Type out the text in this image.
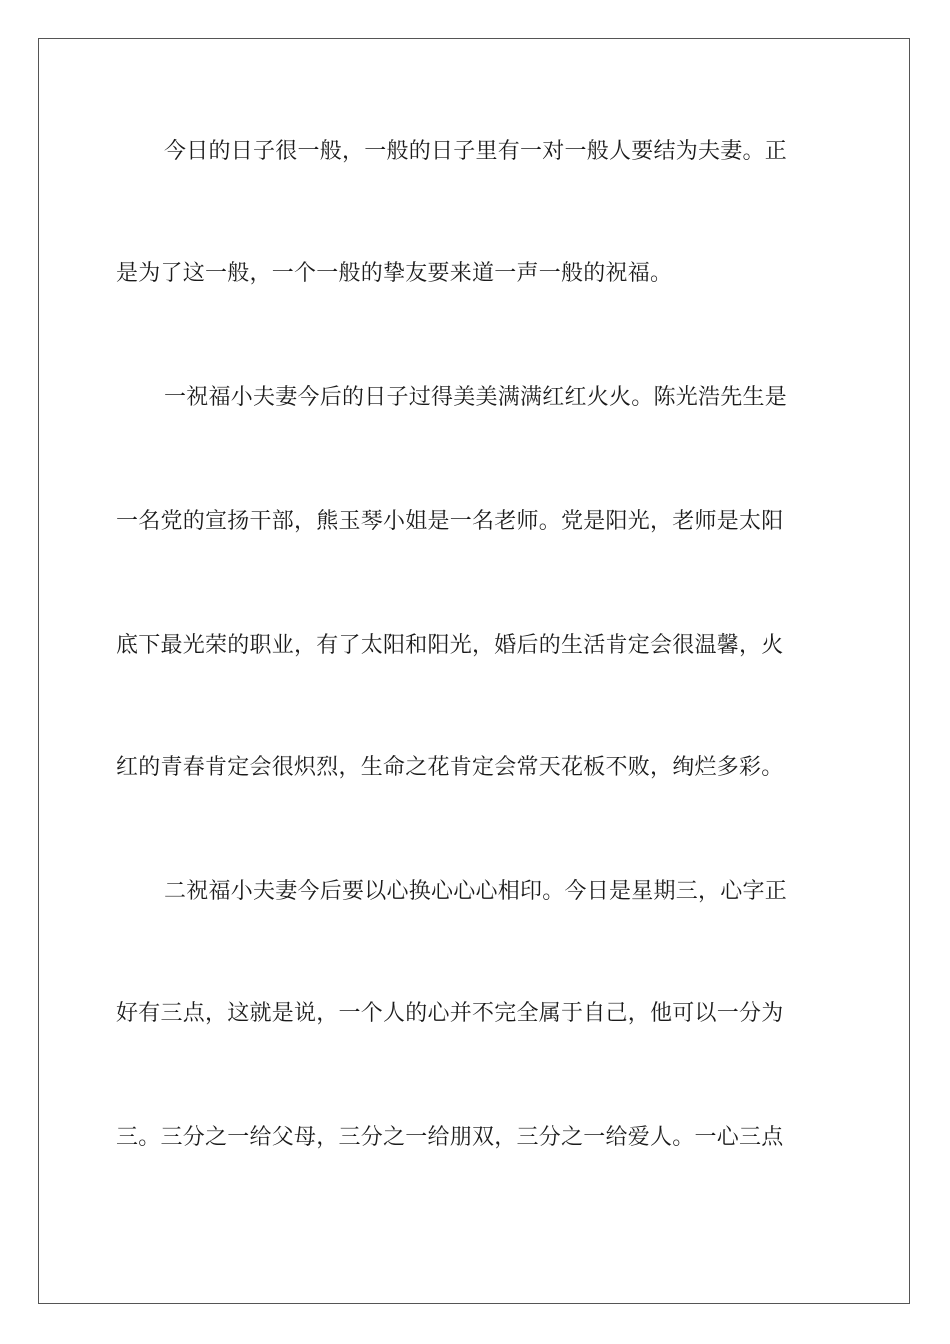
今日的日子很一般，一般的日子里有一对一般人要结为夫妻。正

是为了这一般，一个一般的挚友要来道一声一般的祝福。

一祝福小夫妻今后的日子过得美美满满红红火火。陈光浩先生是

一名党的宣扬干部，熊玉琴小姐是一名老师。党是阳光，老师是太阳

底下最光荣的职业，有了太阳和阳光，婚后的生活肯定会很温馨，火

红的青春肯定会很炽烈，生命之花肯定会常天花板不败，绚烂多彩。

二祝福小夫妻今后要以心换心心心相印。今日是星期三，心字正

好有三点，这就是说，一个人的心并不完全属于自己，他可以一分为

三。三分之一给父母，三分之一给朋双，三分之一给爱人。一心三点
